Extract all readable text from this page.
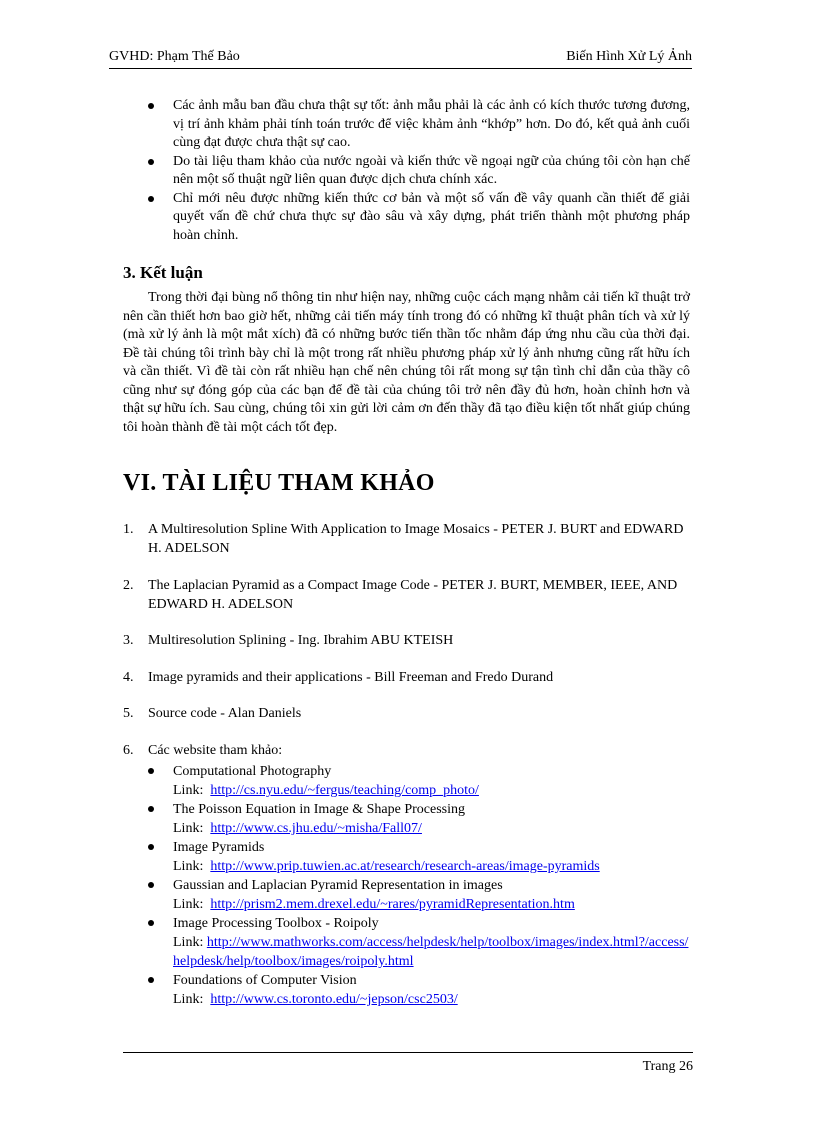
GVHD: Phạm Thế Bảo	Biến Hình Xử Lý Ảnh
Các ảnh mẫu ban đầu chưa thật sự tốt: ảnh mẫu phải là các ảnh có kích thước tương đương, vị trí ảnh khảm phải tính toán trước để việc khảm ảnh “khớp” hơn. Do đó, kết quả ảnh cuối cùng đạt được chưa thật sự cao.
Do tài liệu tham khảo của nước ngoài và kiến thức về ngoại ngữ của chúng tôi còn hạn chế nên một số thuật ngữ liên quan được dịch chưa chính xác.
Chỉ mới nêu được những kiến thức cơ bản và một số vấn đề vây quanh cần thiết để giải quyết vấn đề chứ chưa thực sự đào sâu và xây dựng, phát triển thành một phương pháp hoàn chỉnh.
3. Kết luận

Trong thời đại bùng nổ thông tin như hiện nay, những cuộc cách mạng nhằm cải tiến kĩ thuật trở nên cần thiết hơn bao giờ hết, những cải tiến máy tính trong đó có những kĩ thuật phân tích và xử lý (mà xử lý ảnh là một mắt xích) đã có những bước tiến thần tốc nhằm đáp ứng nhu cầu của thời đại. Đề tài chúng tôi trình bày chỉ là một trong rất nhiều phương pháp xử lý ảnh nhưng cũng rất hữu ích và cần thiết. Vì đề tài còn rất nhiều hạn chế nên chúng tôi rất mong sự tận tình chỉ dẫn của thầy cô cũng như sự đóng góp của các bạn để đề tài của chúng tôi trở nên đầy đủ hơn, hoàn chỉnh hơn và thật sự hữu ích. Sau cùng, chúng tôi xin gửi lời cảm ơn đến thầy đã tạo điều kiện tốt nhất giúp chúng tôi hoàn thành đề tài một cách tốt đẹp.

VI. TÀI LIỆU THAM KHẢO
1. A Multiresolution Spline With Application to Image Mosaics - PETER J. BURT and EDWARD H. ADELSON
2. The Laplacian Pyramid as a Compact Image Code - PETER J. BURT, MEMBER, IEEE, AND EDWARD H. ADELSON
3. Multiresolution Splining - Ing. Ibrahim ABU KTEISH
4. Image pyramids and their applications - Bill Freeman and Fredo Durand
5. Source code - Alan Daniels
6. Các website tham khảo:
Computational Photography
Link: http://cs.nyu.edu/~fergus/teaching/comp_photo/
The Poisson Equation in Image & Shape Processing
Link: http://www.cs.jhu.edu/~misha/Fall07/
Image Pyramids
Link: http://www.prip.tuwien.ac.at/research/research-areas/image-pyramids
Gaussian and Laplacian Pyramid Representation in images
Link: http://prism2.mem.drexel.edu/~rares/pyramidRepresentation.htm
Image Processing Toolbox - Roipoly
Link: http://www.mathworks.com/access/helpdesk/help/toolbox/images/index.html?/access/helpdesk/help/toolbox/images/roipoly.html
Foundations of Computer Vision
Link: http://www.cs.toronto.edu/~jepson/csc2503/
Trang 26
